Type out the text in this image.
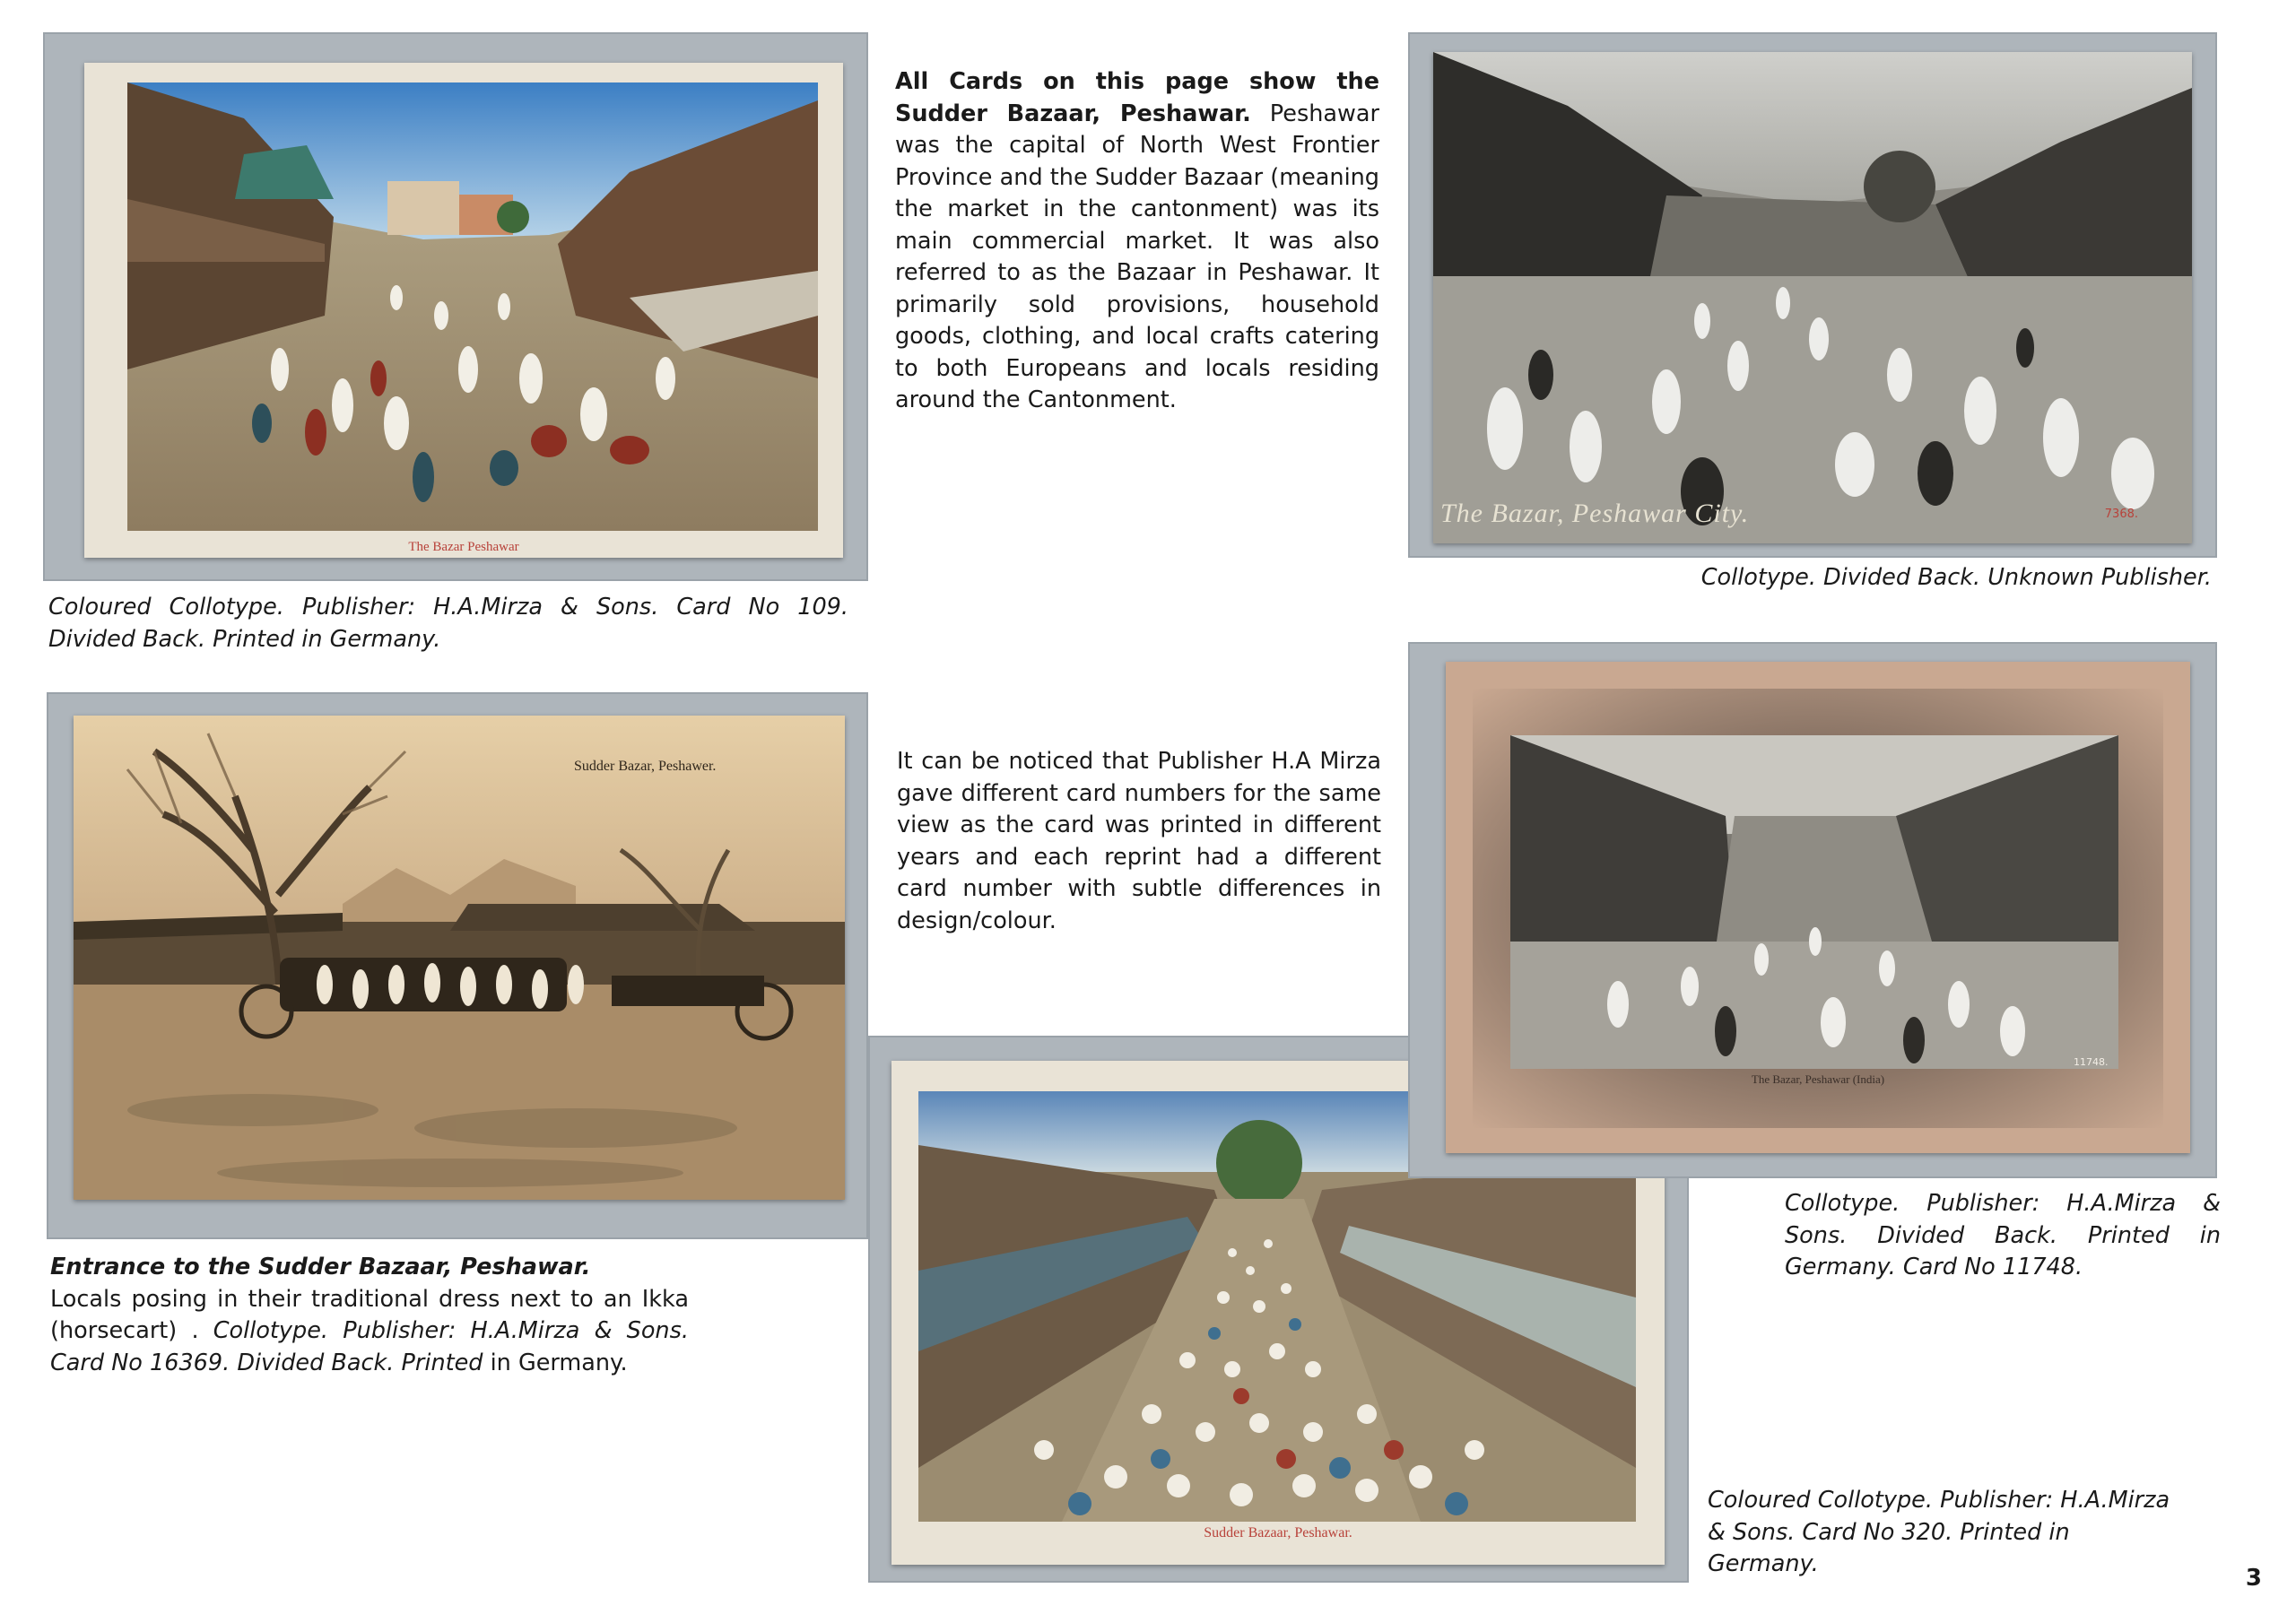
The Bazar Peshawar
Coloured Collotype. Publisher: H.A.Mirza & Sons. Card No 109. Divided Back. Printed in Germany.
All Cards on this page show the Sudder Bazaar, Peshawar. Peshawar was the capital of North West Frontier Province and the Sudder Bazaar (meaning the market in the cantonment) was its main commercial market. It was also referred to as the Bazaar in Peshawar. It primarily sold provisions, household goods, clothing, and local crafts catering to both Europeans and locals residing around the Cantonment.
The Bazar, Peshawar City.	7368.
Collotype. Divided Back. Unknown Publisher.
Sudder Bazar, Peshawer.
Entrance to the Sudder Bazaar, Peshawar.
Locals posing in their traditional dress next to an Ikka (horsecart) . Collotype. Publisher: H.A.Mirza & Sons. Card No 16369. Divided Back. Printed in Germany.
It can be noticed that Publisher H.A Mirza gave different card numbers for the same view as the card was printed in different years and each reprint had a different card number with subtle differences in design/colour.
Sudder Bazaar, Peshawar.
Coloured Collotype. Publisher: H.A.Mirza & Sons. Card No 320. Printed in Germany.
The Bazar, Peshawar (India)
11748.
Collotype. Publisher: H.A.Mirza & Sons. Divided Back. Printed in Germany. Card No 11748.
3
